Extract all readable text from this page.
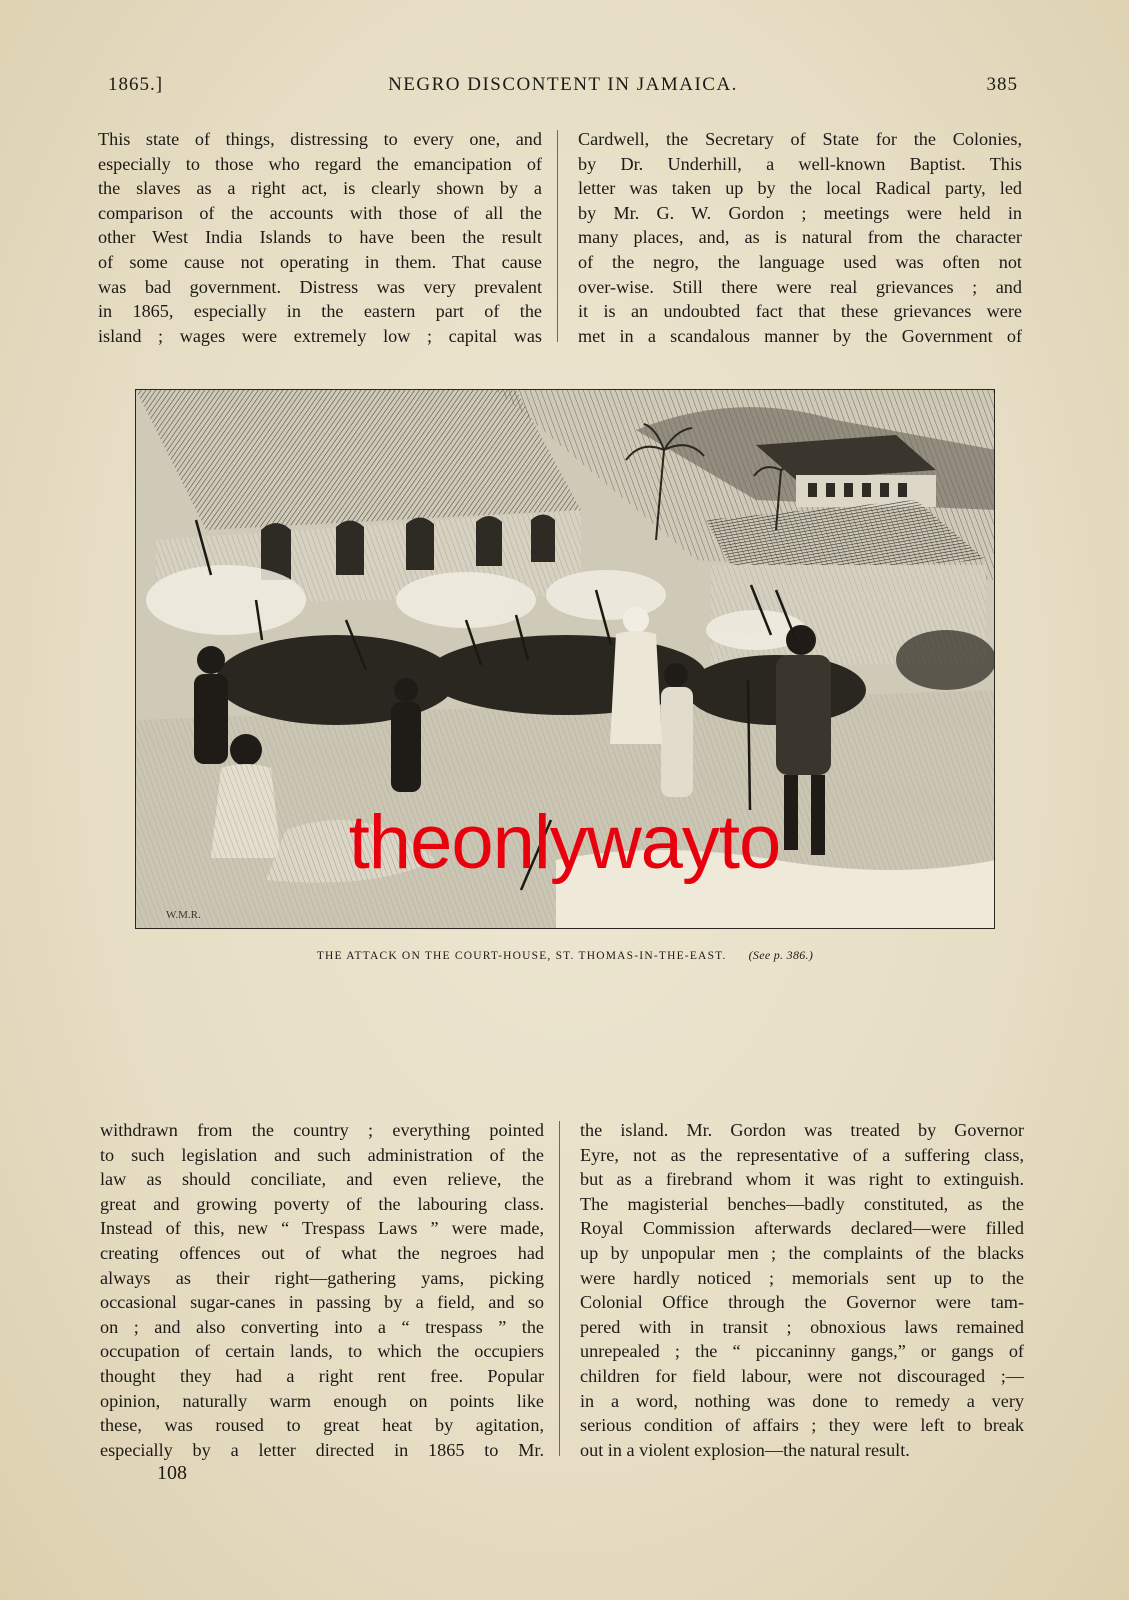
1865.]	NEGRO DISCONTENT IN JAMAICA.	385

This state of things, distressing to every one, and

especially to those who regard the emancipation of

the slaves as a right act, is clearly shown by a

comparison of the accounts with those of all the

other West India Islands to have been the result

of some cause not operating in them. That cause

was bad government. Distress was very prevalent

in 1865, especially in the eastern part of the

island ; wages were extremely low ; capital was

Cardwell, the Secretary of State for the Colonies,

by Dr. Underhill, a well-known Baptist. This

letter was taken up by the local Radical party, led

by Mr. G. W. Gordon ; meetings were held in

many places, and, as is natural from the character

of the negro, the language used was often not

over-wise. Still there were real grievances ; and

it is an undoubted fact that these grievances were

met in a scandalous manner by the Government of

W.M.R.
theonlywayto
THE ATTACK ON THE COURT-HOUSE, ST. THOMAS-IN-THE-EAST. (See p. 386.)

withdrawn from the country ; everything pointed

to such legislation and such administration of the

law as should conciliate, and even relieve, the

great and growing poverty of the labouring class.

Instead of this, new “ Trespass Laws ” were made,

creating offences out of what the negroes had

always as their right—gathering yams, picking

occasional sugar-canes in passing by a field, and so

on ; and also converting into a “ trespass ” the

occupation of certain lands, to which the occupiers

thought they had a right rent free. Popular

opinion, naturally warm enough on points like

these, was roused to great heat by agitation,

especially by a letter directed in 1865 to Mr.

the island. Mr. Gordon was treated by Governor

Eyre, not as the representative of a suffering class,

but as a firebrand whom it was right to extinguish.

The magisterial benches—badly constituted, as the

Royal Commission afterwards declared—were filled

up by unpopular men ; the complaints of the blacks

were hardly noticed ; memorials sent up to the

Colonial Office through the Governor were tam-

pered with in transit ; obnoxious laws remained

unrepealed ; the “ piccaninny gangs,” or gangs of

children for field labour, were not discouraged ;—

in a word, nothing was done to remedy a very

serious condition of affairs ; they were left to break

out in a violent explosion—the natural result.

108
